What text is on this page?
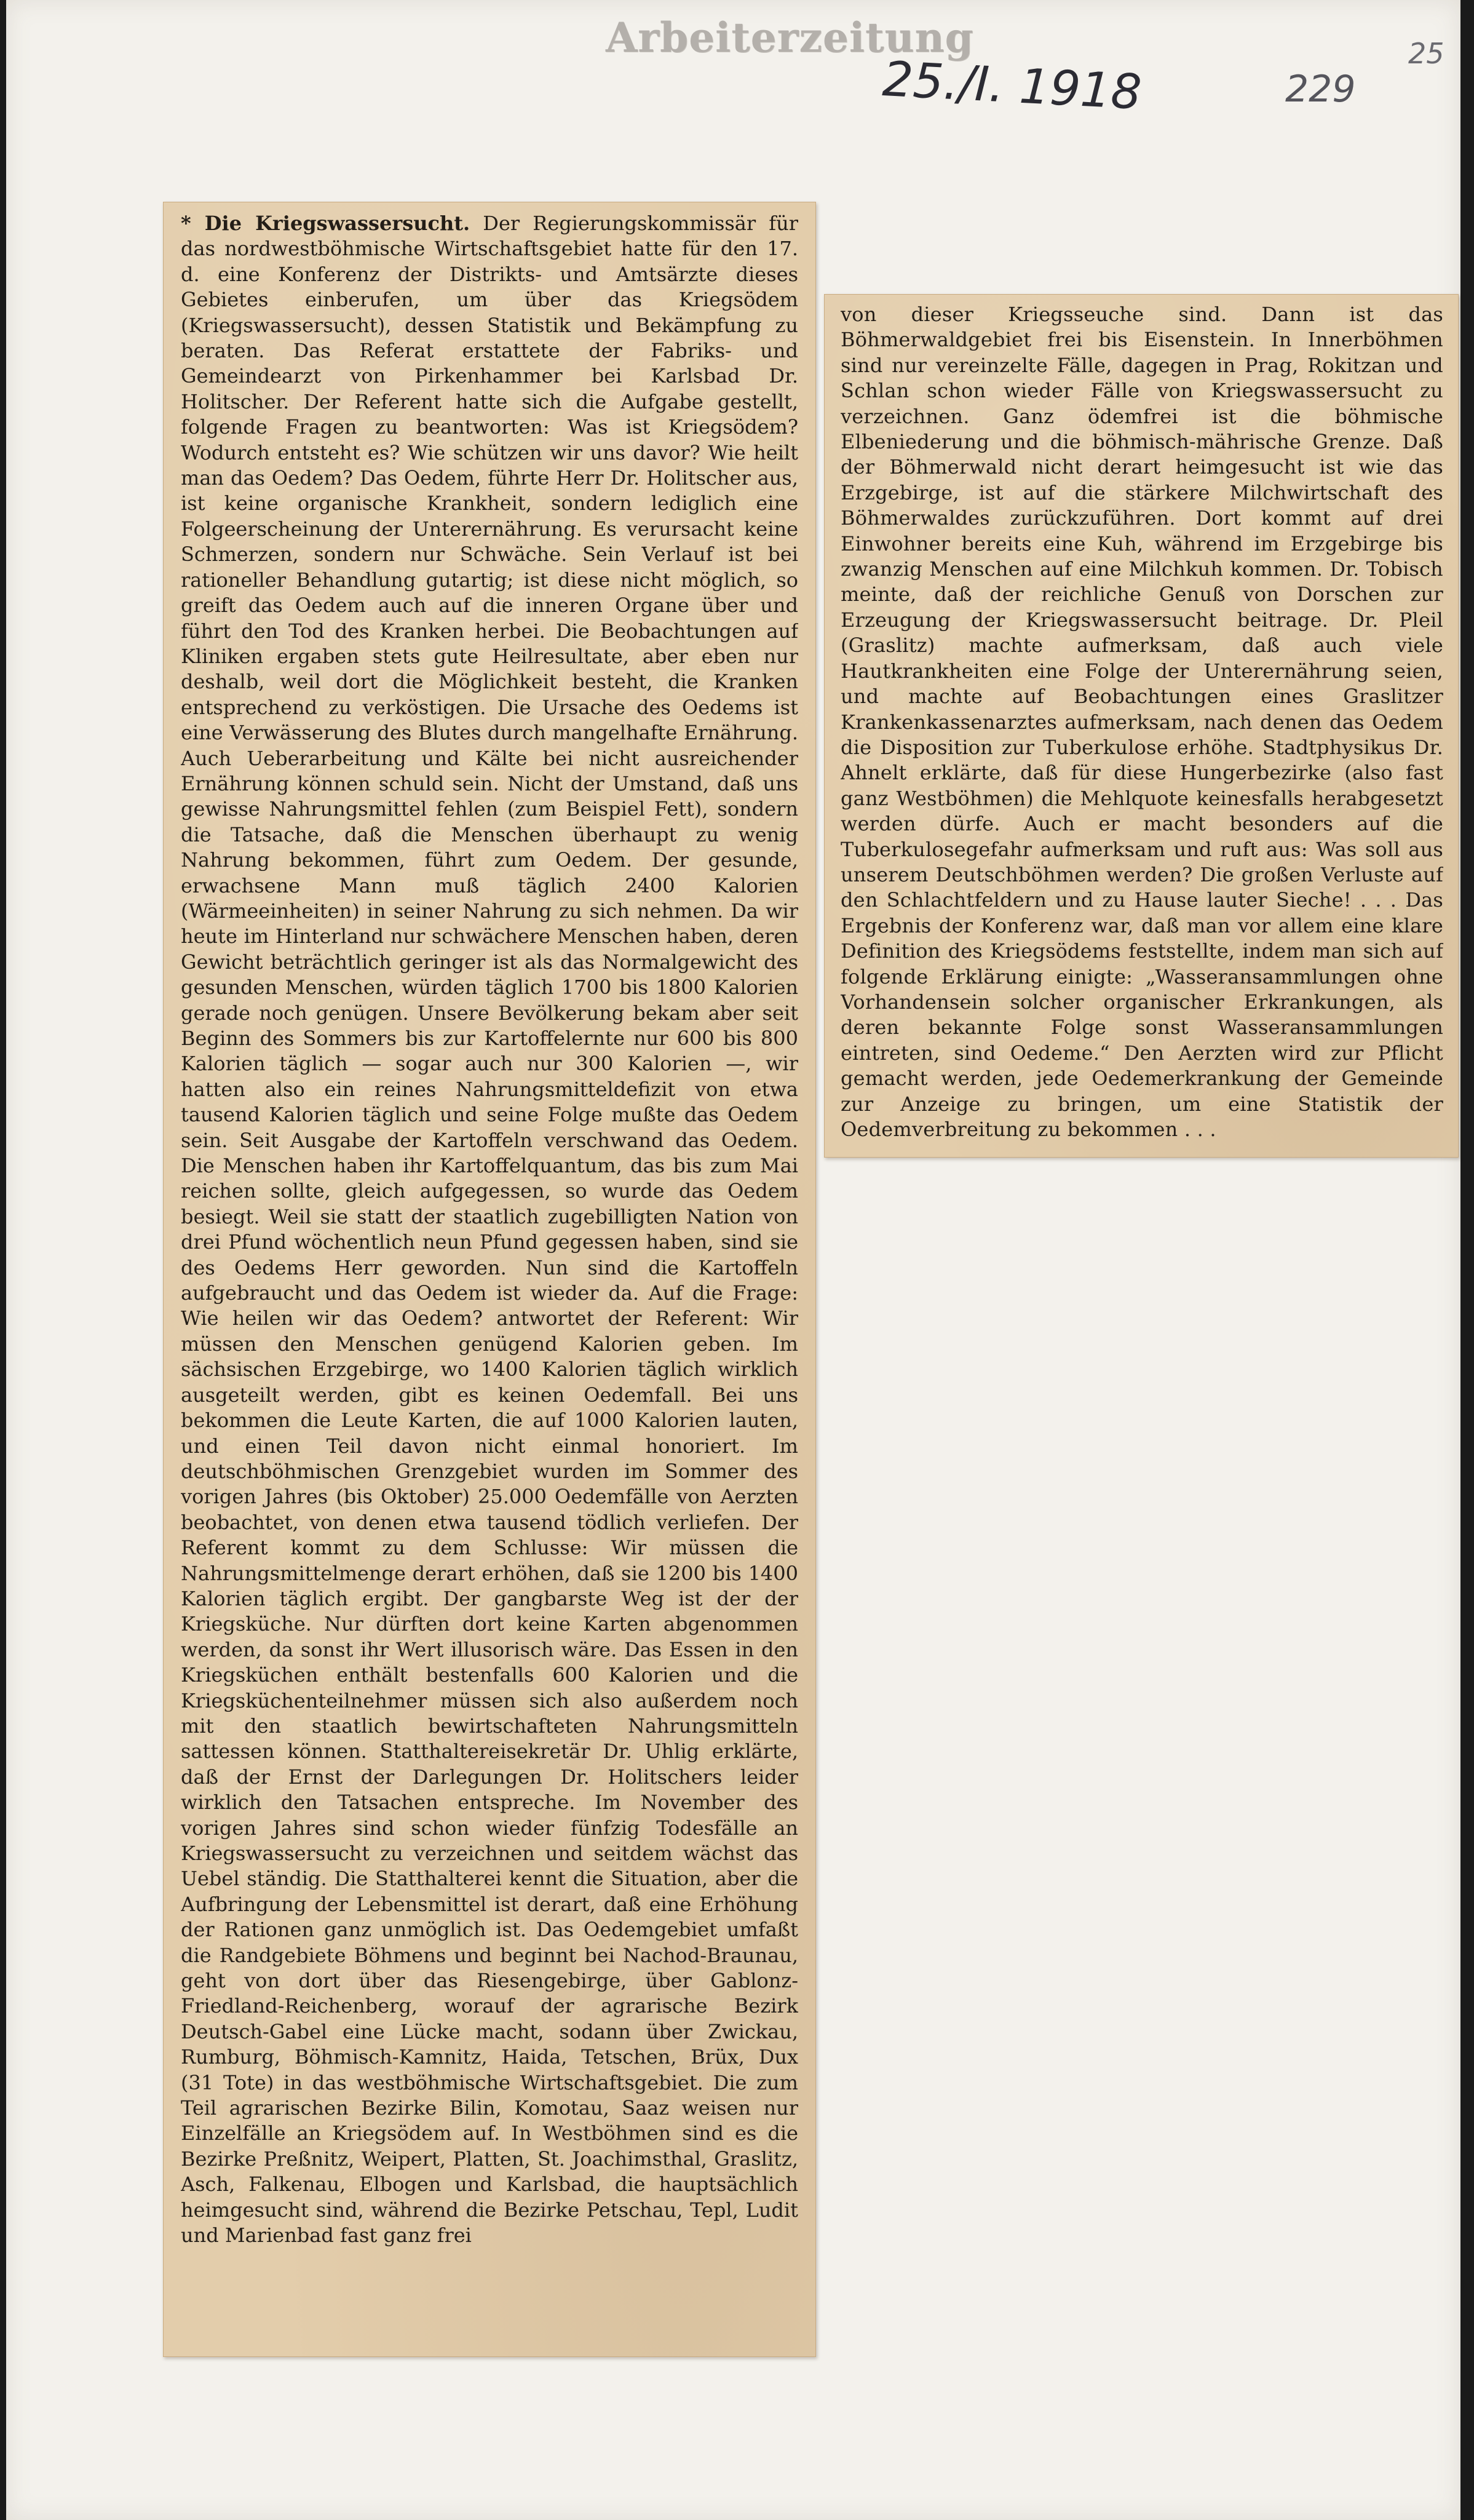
Arbeiterzeitung
25./I. 1918	229
25
* Die Kriegswassersucht. Der Regierungskommissär für das nordwestböhmische Wirtschaftsgebiet hatte für den 17. d. eine Konferenz der Distrikts- und Amtsärzte dieses Gebietes einberufen, um über das Kriegsödem (Kriegswassersucht), dessen Statistik und Bekämpfung zu beraten. Das Referat erstattete der Fabriks- und Gemeindearzt von Pirkenhammer bei Karlsbad Dr. Holitscher. Der Referent hatte sich die Aufgabe gestellt, folgende Fragen zu beantworten: Was ist Kriegsödem? Wodurch entsteht es? Wie schützen wir uns davor? Wie heilt man das Oedem? Das Oedem, führte Herr Dr. Holitscher aus, ist keine organische Krankheit, sondern lediglich eine Folgeerscheinung der Unterernährung. Es verursacht keine Schmerzen, sondern nur Schwäche. Sein Verlauf ist bei rationeller Behandlung gutartig; ist diese nicht möglich, so greift das Oedem auch auf die inneren Organe über und führt den Tod des Kranken herbei. Die Beobachtungen auf Kliniken ergaben stets gute Heilresultate, aber eben nur deshalb, weil dort die Möglichkeit besteht, die Kranken entsprechend zu verköstigen. Die Ursache des Oedems ist eine Verwässerung des Blutes durch mangelhafte Ernährung. Auch Ueberarbeitung und Kälte bei nicht ausreichender Ernährung können schuld sein. Nicht der Umstand, daß uns gewisse Nahrungsmittel fehlen (zum Beispiel Fett), sondern die Tatsache, daß die Menschen überhaupt zu wenig Nahrung bekommen, führt zum Oedem. Der gesunde, erwachsene Mann muß täglich 2400 Kalorien (Wärmeeinheiten) in seiner Nahrung zu sich nehmen. Da wir heute im Hinterland nur schwächere Menschen haben, deren Gewicht beträchtlich geringer ist als das Normalgewicht des gesunden Menschen, würden täglich 1700 bis 1800 Kalorien gerade noch genügen. Unsere Bevölkerung bekam aber seit Beginn des Sommers bis zur Kartoffelernte nur 600 bis 800 Kalorien täglich — sogar auch nur 300 Kalorien —, wir hatten also ein reines Nahrungsmitteldefizit von etwa tausend Kalorien täglich und seine Folge mußte das Oedem sein. Seit Ausgabe der Kartoffeln verschwand das Oedem. Die Menschen haben ihr Kartoffelquantum, das bis zum Mai reichen sollte, gleich aufgegessen, so wurde das Oedem besiegt. Weil sie statt der staatlich zugebilligten Nation von drei Pfund wöchentlich neun Pfund gegessen haben, sind sie des Oedems Herr geworden. Nun sind die Kartoffeln aufgebraucht und das Oedem ist wieder da. Auf die Frage: Wie heilen wir das Oedem? antwortet der Referent: Wir müssen den Menschen genügend Kalorien geben. Im sächsischen Erzgebirge, wo 1400 Kalorien täglich wirklich ausgeteilt werden, gibt es keinen Oedemfall. Bei uns bekommen die Leute Karten, die auf 1000 Kalorien lauten, und einen Teil davon nicht einmal honoriert. Im deutschböhmischen Grenzgebiet wurden im Sommer des vorigen Jahres (bis Oktober) 25.000 Oedemfälle von Aerzten beobachtet, von denen etwa tausend tödlich verliefen. Der Referent kommt zu dem Schlusse: Wir müssen die Nahrungsmittelmenge derart erhöhen, daß sie 1200 bis 1400 Kalorien täglich ergibt. Der gangbarste Weg ist der der Kriegsküche. Nur dürften dort keine Karten abgenommen werden, da sonst ihr Wert illusorisch wäre. Das Essen in den Kriegsküchen enthält bestenfalls 600 Kalorien und die Kriegsküchenteilnehmer müssen sich also außerdem noch mit den staatlich bewirtschafteten Nahrungsmitteln sattessen können. Statthaltereisekretär Dr. Uhlig erklärte, daß der Ernst der Darlegungen Dr. Holitschers leider wirklich den Tatsachen entspreche. Im November des vorigen Jahres sind schon wieder fünfzig Todesfälle an Kriegswassersucht zu verzeichnen und seitdem wächst das Uebel ständig. Die Statthalterei kennt die Situation, aber die Aufbringung der Lebensmittel ist derart, daß eine Erhöhung der Rationen ganz unmöglich ist. Das Oedemgebiet umfaßt die Randgebiete Böhmens und beginnt bei Nachod-Braunau, geht von dort über das Riesengebirge, über Gablonz-Friedland-Reichenberg, worauf der agrarische Bezirk Deutsch-Gabel eine Lücke macht, sodann über Zwickau, Rumburg, Böhmisch-Kamnitz, Haida, Tetschen, Brüx, Dux (31 Tote) in das westböhmische Wirtschaftsgebiet. Die zum Teil agrarischen Bezirke Bilin, Komotau, Saaz weisen nur Einzelfälle an Kriegsödem auf. In Westböhmen sind es die Bezirke Preßnitz, Weipert, Platten, St. Joachimsthal, Graslitz, Asch, Falkenau, Elbogen und Karlsbad, die hauptsächlich heimgesucht sind, während die Bezirke Petschau, Tepl, Ludit und Marienbad fast ganz frei
von dieser Kriegsseuche sind. Dann ist das Böhmerwaldgebiet frei bis Eisenstein. In Innerböhmen sind nur vereinzelte Fälle, dagegen in Prag, Rokitzan und Schlan schon wieder Fälle von Kriegswassersucht zu verzeichnen. Ganz ödemfrei ist die böhmische Elbeniederung und die böhmisch-mährische Grenze. Daß der Böhmerwald nicht derart heimgesucht ist wie das Erzgebirge, ist auf die stärkere Milchwirtschaft des Böhmerwaldes zurückzuführen. Dort kommt auf drei Einwohner bereits eine Kuh, während im Erzgebirge bis zwanzig Menschen auf eine Milchkuh kommen. Dr. Tobisch meinte, daß der reichliche Genuß von Dorschen zur Erzeugung der Kriegswassersucht beitrage. Dr. Pleil (Graslitz) machte aufmerksam, daß auch viele Hautkrankheiten eine Folge der Unterernährung seien, und machte auf Beobachtungen eines Graslitzer Krankenkassenarztes aufmerksam, nach denen das Oedem die Disposition zur Tuberkulose erhöhe. Stadtphysikus Dr. Ahnelt erklärte, daß für diese Hungerbezirke (also fast ganz Westböhmen) die Mehlquote keinesfalls herabgesetzt werden dürfe. Auch er macht besonders auf die Tuberkulosegefahr aufmerksam und ruft aus: Was soll aus unserem Deutschböhmen werden? Die großen Verluste auf den Schlachtfeldern und zu Hause lauter Sieche! . . . Das Ergebnis der Konferenz war, daß man vor allem eine klare Definition des Kriegsödems feststellte, indem man sich auf folgende Erklärung einigte: „Wasseransammlungen ohne Vorhandensein solcher organischer Erkrankungen, als deren bekannte Folge sonst Wasseransammlungen eintreten, sind Oedeme.“ Den Aerzten wird zur Pflicht gemacht werden, jede Oedemerkrankung der Gemeinde zur Anzeige zu bringen, um eine Statistik der Oedemverbreitung zu bekommen . . .
